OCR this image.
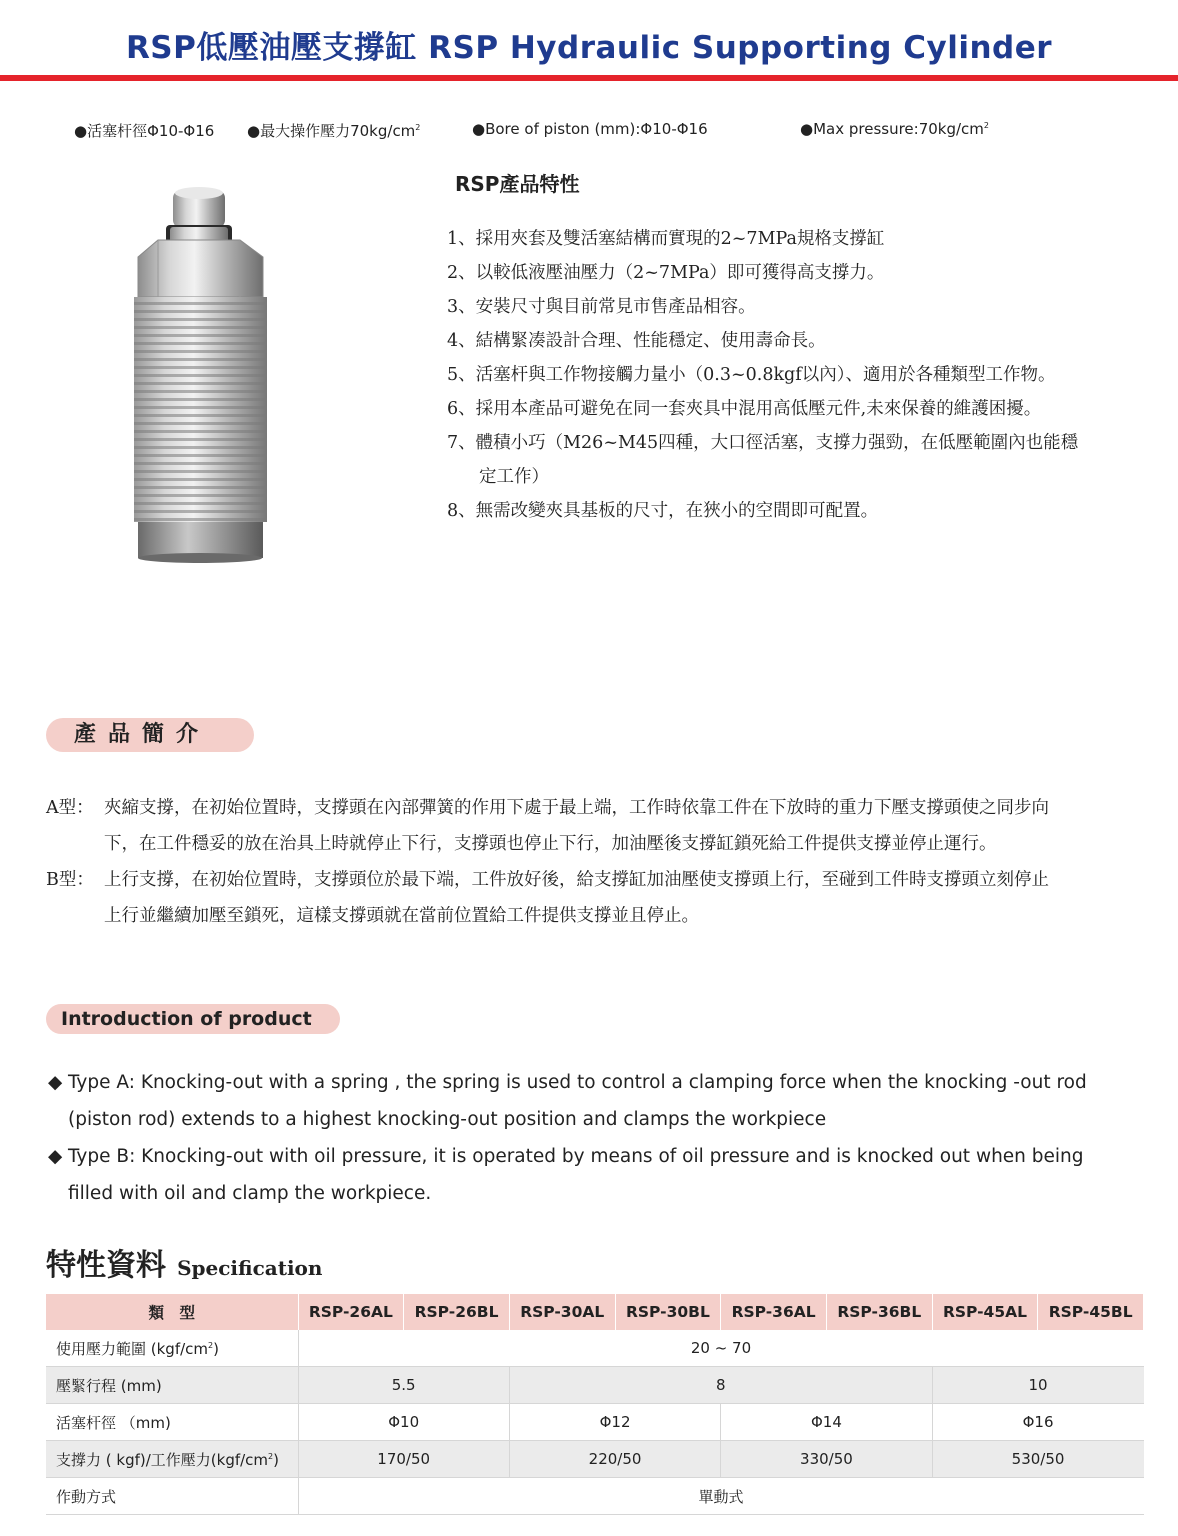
RSP低壓油壓支撐缸 RSP Hydraulic Supporting Cylinder
●活塞杆徑Φ10-Φ16 ●最大操作壓力$70kg/cm^2$	●Bore of piston (mm):Φ10-Φ16	●Max $pressure:70kg/cm^2$
RSP產品特性
1、採用夾套及雙活塞結構而實現的2~7MPa規格支撐缸
2、以較低液壓油壓力（2~7MPa）即可獲得高支撐力。
3、安裝尺寸與目前常見市售產品相容。
4、結構緊凑設計合理、性能穩定、使用壽命長。
5、活塞杆與工作物接觸力量小（0.3~0.8kgf以內）、適用於各種類型工作物。
6、採用本產品可避免在同一套夾具中混用高低壓元件,未來保養的維護困擾。
7、體積小巧（M26~M45四種，大口徑活塞，支撐力强勁，在低壓範圍內也能穩定工作）
8、無需改變夾具基板的尺寸，在狹小的空間即可配置。
產品簡介
A型： 夾縮支撐，在初始位置時，支撐頭在內部彈簧的作用下處于最上端，工作時依靠工件在下放時的重力下壓支撐頭使之同步向下，在工件穩妥的放在治具上時就停止下行，支撐頭也停止下行，加油壓後支撐缸鎖死給工件提供支撐並停止運行。
B型： 上行支撐，在初始位置時，支撐頭位於最下端，工件放好後，給支撐缸加油壓使支撐頭上行，至碰到工件時支撐頭立刻停止上行並繼續加壓至鎖死，這樣支撐頭就在當前位置給工件提供支撐並且停止。
Introduction of product
◆ Type A: Knocking-out with a spring , the spring is used to control a clamping force when the knocking -out rod (piston rod) extends to a highest knocking-out position and clamps the workpiece
◆ Type B: Knocking-out with oil pressure, it is operated by means of oil pressure and is knocked out when being filled with oil and clamp the workpiece.
特性資料 Specification
類　型	RSP-26AL	RSP-26BL	RSP-30AL	RSP-30BL	RSP-36AL	RSP-36BL	RSP-45AL	RSP-45BL
使用壓力範圍 $(kgf/cm^2)$	20 ~ 70							
壓緊行程 (mm)	5.5		8				10	
活塞杆徑 （mm)	Φ10		Φ12		Φ14		Φ16	
支撐力 ( kgf)/工作壓力$(kgf/cm^2)$	170/50		220/50		330/50		530/50	
作動方式	單動式							
